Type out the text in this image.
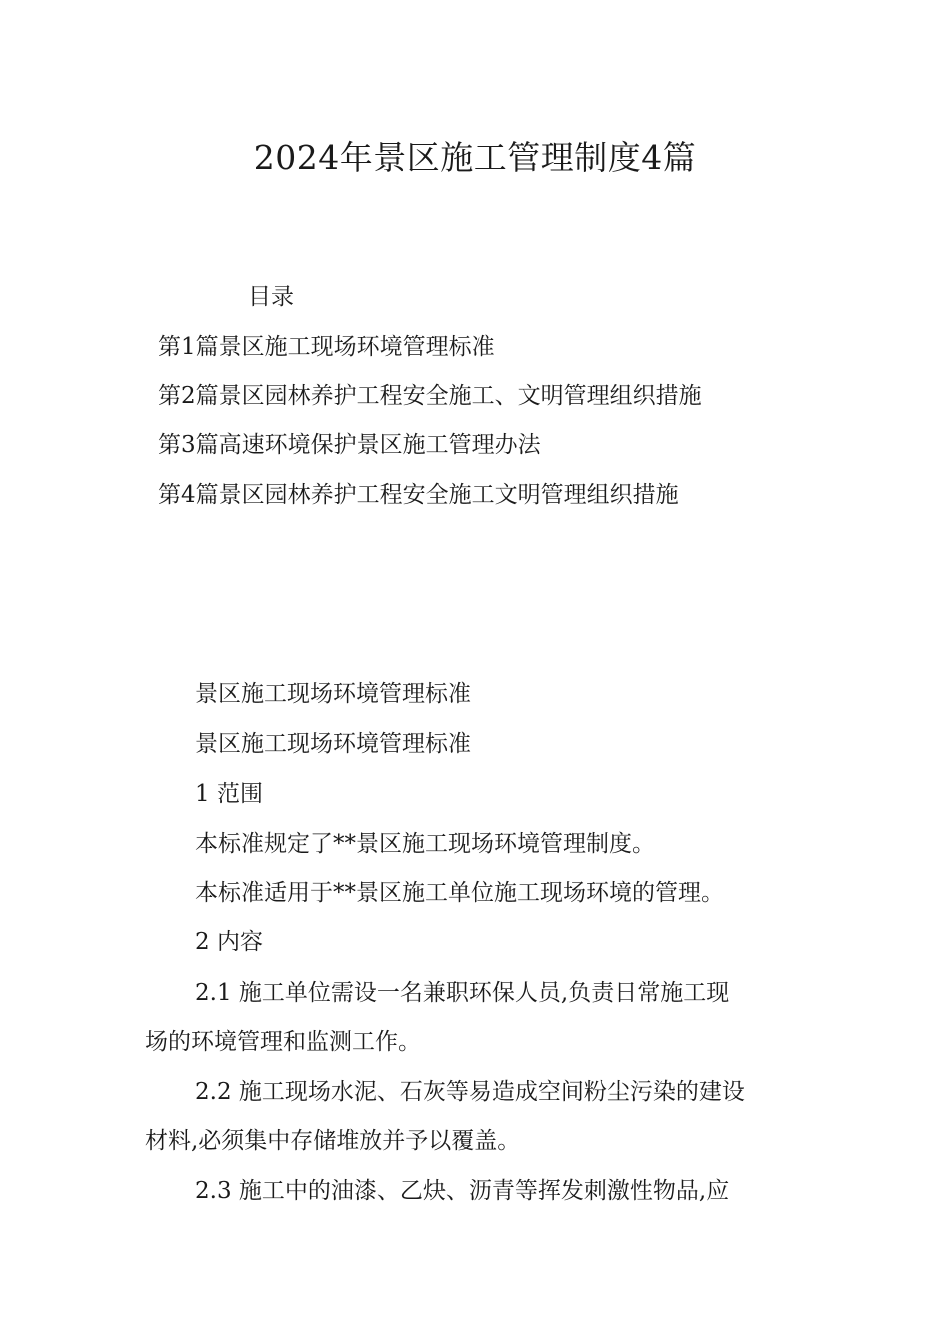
2024年景区施工管理制度4篇
目录
第1篇景区施工现场环境管理标准
第2篇景区园林养护工程安全施工、文明管理组织措施
第3篇高速环境保护景区施工管理办法
第4篇景区园林养护工程安全施工文明管理组织措施
景区施工现场环境管理标准
景区施工现场环境管理标准
1 范围
本标准规定了**景区施工现场环境管理制度。
本标准适用于**景区施工单位施工现场环境的管理。
2 内容
2.1 施工单位需设一名兼职环保人员,负责日常施工现
场的环境管理和监测工作。
2.2 施工现场水泥、石灰等易造成空间粉尘污染的建设
材料,必须集中存储堆放并予以覆盖。
2.3 施工中的油漆、乙炔、沥青等挥发刺激性物品,应
